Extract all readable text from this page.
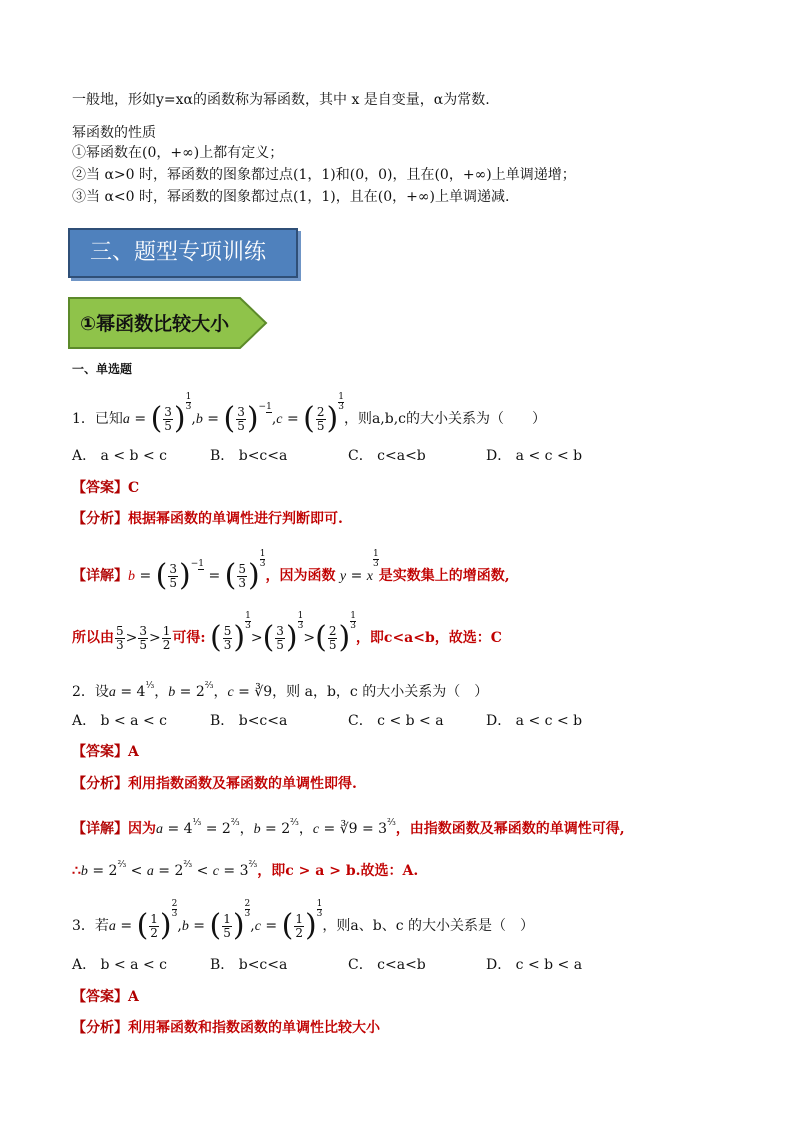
一般地，形如y=xα的函数称为幂函数，其中 x 是自变量，α为常数.
幂函数的性质
①幂函数在(0，+∞)上都有定义；
②当 α>0 时，幂函数的图象都过点(1，1)和(0，0)，且在(0，+∞)上单调递增；
③当 α<0 时，幂函数的图象都过点(1，1)，且在(0，+∞)上单调递减.
三、题型专项训练
①幂函数比较大小
一、单选题
1．已知a = ( $\frac{3}{5}$ ) $\frac{1}{3}$
,b = ( $\frac{3}{5} )-1,c$ = ( $\frac{2}{5}$ ) $\frac{1}{3}$
，则a,b,c的大小关系为（　　）
A． a < b < c	B． b<c<a	C． c<a<b	D． a < c < b
【答案】C
【分析】根据幂函数的单调性进行判断即可.
【详解】b = ( $\frac{3}{5} )-1$ = ( $\frac{5}{3}$ ) $\frac{1}{3}$
，因为函数 y = x
$\frac{1}{3}$
是实数集上的增函数,
所以由 $\frac{5}{3} > \frac{3}{5} > \frac{1}{2}$ 可得: ( $\frac{5}{3}$ ) $\frac{1}{3}$
>( $\frac{3}{5}$ ) $\frac{1}{3}$
>( $\frac{2}{5}$ ) $\frac{1}{3}$
，即c<a<b，故选：C
2．设$a = 4^{\frac{1}{3}}$，$b = 2^{\frac{2}{3}}$，c = ∛9，则 a，b，c 的大小关系为（　）
A． b < a < c	B． b<c<a	C． c < b < a	D． a < c < b
【答案】A
【分析】利用指数函数及幂函数的单调性即得.
【详解】因为$a = 4^{\frac{1}{3}} = 2^{\frac{2}{3}}$，$b = 2^{\frac{2}{3}}$，c = ∛9 = $3^{\frac{2}{3}}$，由指数函数及幂函数的单调性可得,
∴b = $2^{\frac{2}{3}} < a = 2^{\frac{2}{3}} < c = 3^{\frac{2}{3}}$，即c > a > b.故选：A.
3．若a = ( $\frac{1}{2}$ ) $\frac{2}{3}$
,b = ( $\frac{1}{5}$ ) $\frac{2}{3}$
,c = ( $\frac{1}{2}$ ) $\frac{1}{3}$
，则a、b、c 的大小关系是（　）
A． b < a < c	B． b<c<a	C． c<a<b	D． c < b < a
【答案】A
【分析】利用幂函数和指数函数的单调性比较大小
